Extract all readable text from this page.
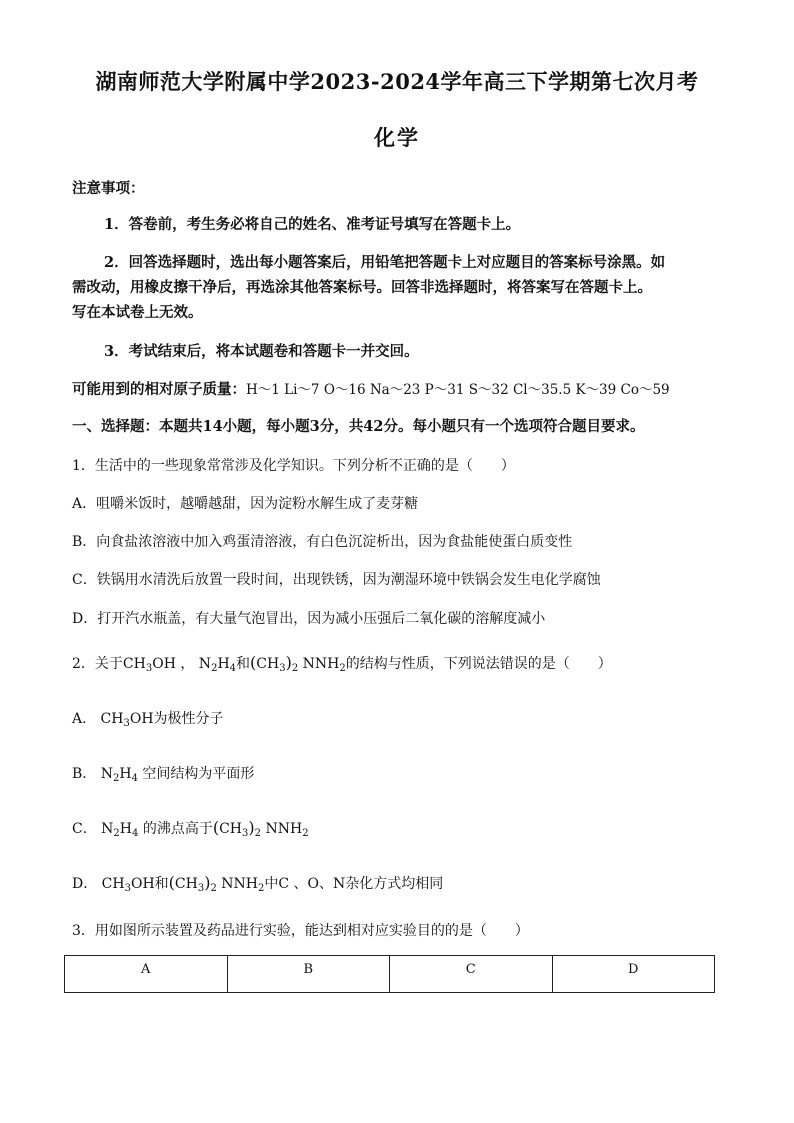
湖南师范大学附属中学2023-2024学年高三下学期第七次月考
化学
注意事项：
1．答卷前，考生务必将自己的姓名、准考证号填写在答题卡上。
2．回答选择题时，选出每小题答案后，用铅笔把答题卡上对应题目的答案标号涂黑。如
需改动，用橡皮擦干净后，再选涂其他答案标号。回答非选择题时，将答案写在答题卡上。
写在本试卷上无效。
3．考试结束后，将本试题卷和答题卡一并交回。
可能用到的相对原子质量：H～1 Li～7 O～16 Na～23 P～31 S～32 Cl～35.5 K～39 Co～59
一、选择题：本题共14小题，每小题3分，共42分。每小题只有一个选项符合题目要求。
1．生活中的一些现象常常涉及化学知识。下列分析不正确的是（　　）
A．咀嚼米饭时，越嚼越甜，因为淀粉水解生成了麦芽糖
B．向食盐浓溶液中加入鸡蛋清溶液，有白色沉淀析出，因为食盐能使蛋白质变性
C．铁锅用水清洗后放置一段时间，出现铁锈，因为潮湿环境中铁锅会发生电化学腐蚀
D．打开汽水瓶盖，有大量气泡冒出，因为减小压强后二氧化碳的溶解度减小
2．关于$CH_3OH$ ， $N_2H_4$和$(CH_3)_2$ $NNH_2$的结构与性质，下列说法错误的是（　　）
A． $CH_3OH$为极性分子
B． $N_2H_4$ 空间结构为平面形
C． $N_2H_4$ 的沸点高于$(CH_3)_2$ $NNH_2$
D． $CH_3OH$和$(CH_3)_2$ $NNH_2$中C 、O、N杂化方式均相同
3．用如图所示装置及药品进行实验，能达到相对应实验目的的是（　　）
A	B	C	D
